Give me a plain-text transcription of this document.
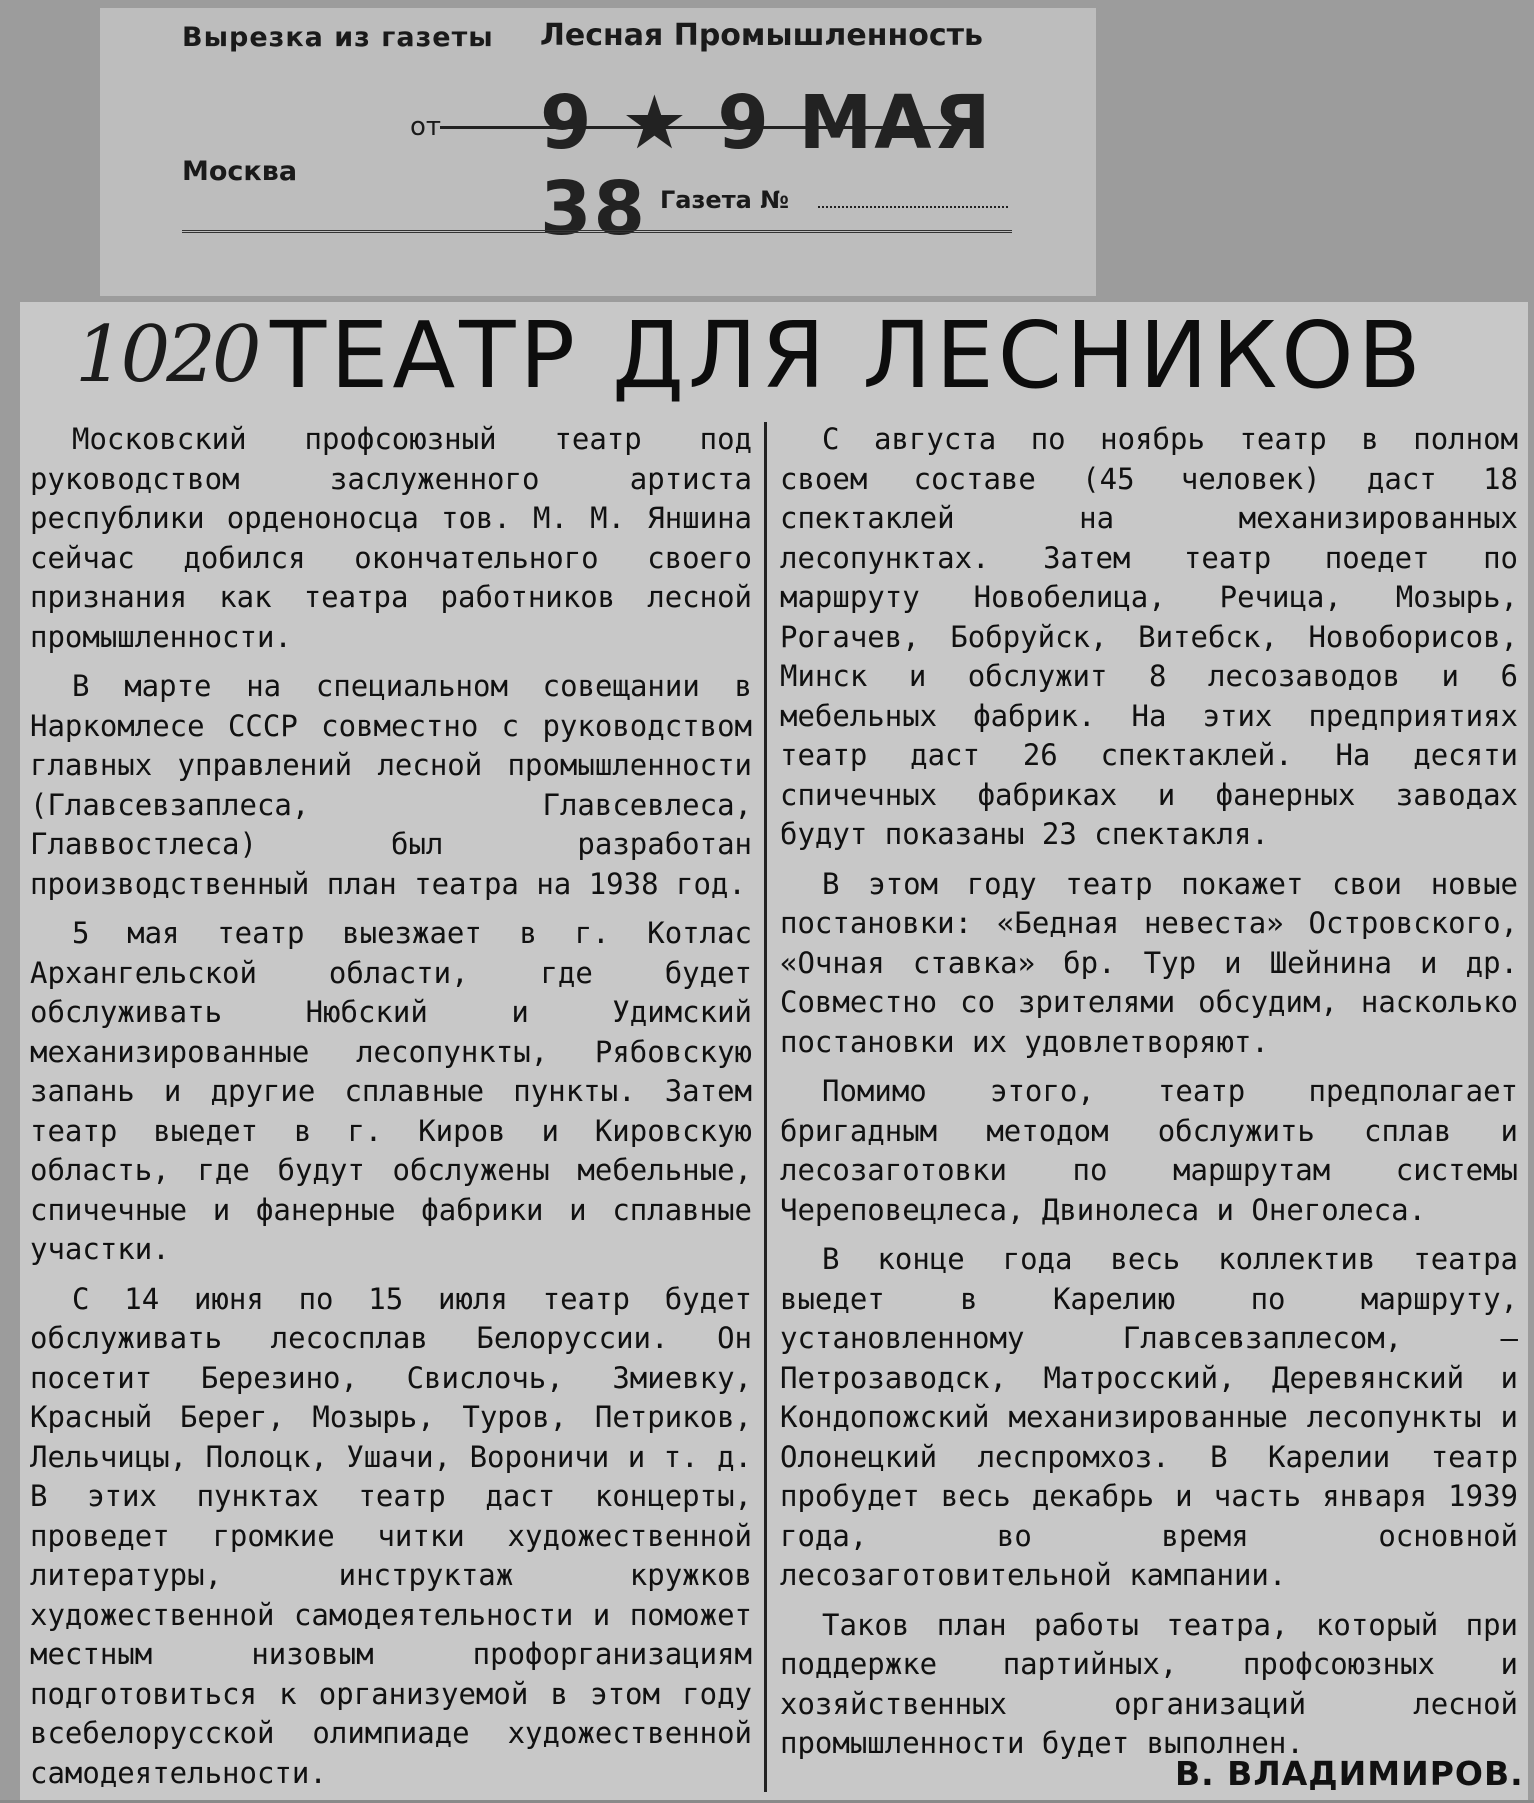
Вырезка из газеты Лесная Промышленность
от 9 ★ 9 МАЯ 38
Москва
Газета №
1020 ТЕАТР ДЛЯ ЛЕСНИКОВ

Московский профсоюзный театр под руководством заслуженного артиста республики орденоносца тов. М. М. Яншина сейчас добился окончательного своего признания как театра работников лесной промышленности.

В марте на специальном совещании в Наркомлесе СССР совместно с руководством главных управлений лесной промышленности (Главсевзаплеса, Главсевлеса, Главвостлеса) был разработан производственный план театра на 1938 год.

5 мая театр выезжает в г. Котлас Архангельской области, где будет обслуживать Нюбский и Удимский механизированные лесопункты, Рябовскую запань и другие сплавные пункты. Затем театр выедет в г. Киров и Кировскую область, где будут обслужены мебельные, спичечные и фанерные фабрики и сплавные участки.

С 14 июня по 15 июля театр будет обслуживать лесосплав Белоруссии. Он посетит Березино, Свислочь, Змиевку, Красный Берег, Мозырь, Туров, Петриков, Лельчицы, Полоцк, Ушачи, Вороничи и т. д. В этих пунктах театр даст концерты, проведет громкие читки художественной литературы, инструктаж кружков художественной самодеятельности и поможет местным низовым профорганизациям подготовиться к организуемой в этом году всебелорусской олимпиаде художественной самодеятельности.

С августа по ноябрь театр в полном своем составе (45 человек) даст 18 спектаклей на механизированных лесопунктах. Затем театр поедет по маршруту Новобелица, Речица, Мозырь, Рогачев, Бобруйск, Витебск, Новоборисов, Минск и обслужит 8 лесозаводов и 6 мебельных фабрик. На этих предприятиях театр даст 26 спектаклей. На десяти спичечных фабриках и фанерных заводах будут показаны 23 спектакля.

В этом году театр покажет свои новые постановки: «Бедная невеста» Островского, «Очная ставка» бр. Тур и Шейнина и др. Совместно со зрителями обсудим, насколько постановки их удовлетворяют.

Помимо этого, театр предполагает бригадным методом обслужить сплав и лесозаготовки по маршрутам системы Череповецлеса, Двинолеса и Онеголеса.

В конце года весь коллектив театра выедет в Карелию по маршруту, установленному Главсевзаплесом, — Петрозаводск, Матросский, Деревянский и Кондопожский механизированные лесопункты и Олонецкий леспромхоз. В Карелии театр пробудет весь декабрь и часть января 1939 года, во время основной лесозаготовительной кампании.

Таков план работы театра, который при поддержке партийных, профсоюзных и хозяйственных организаций лесной промышленности будет выполнен.

В. ВЛАДИМИРОВ.
